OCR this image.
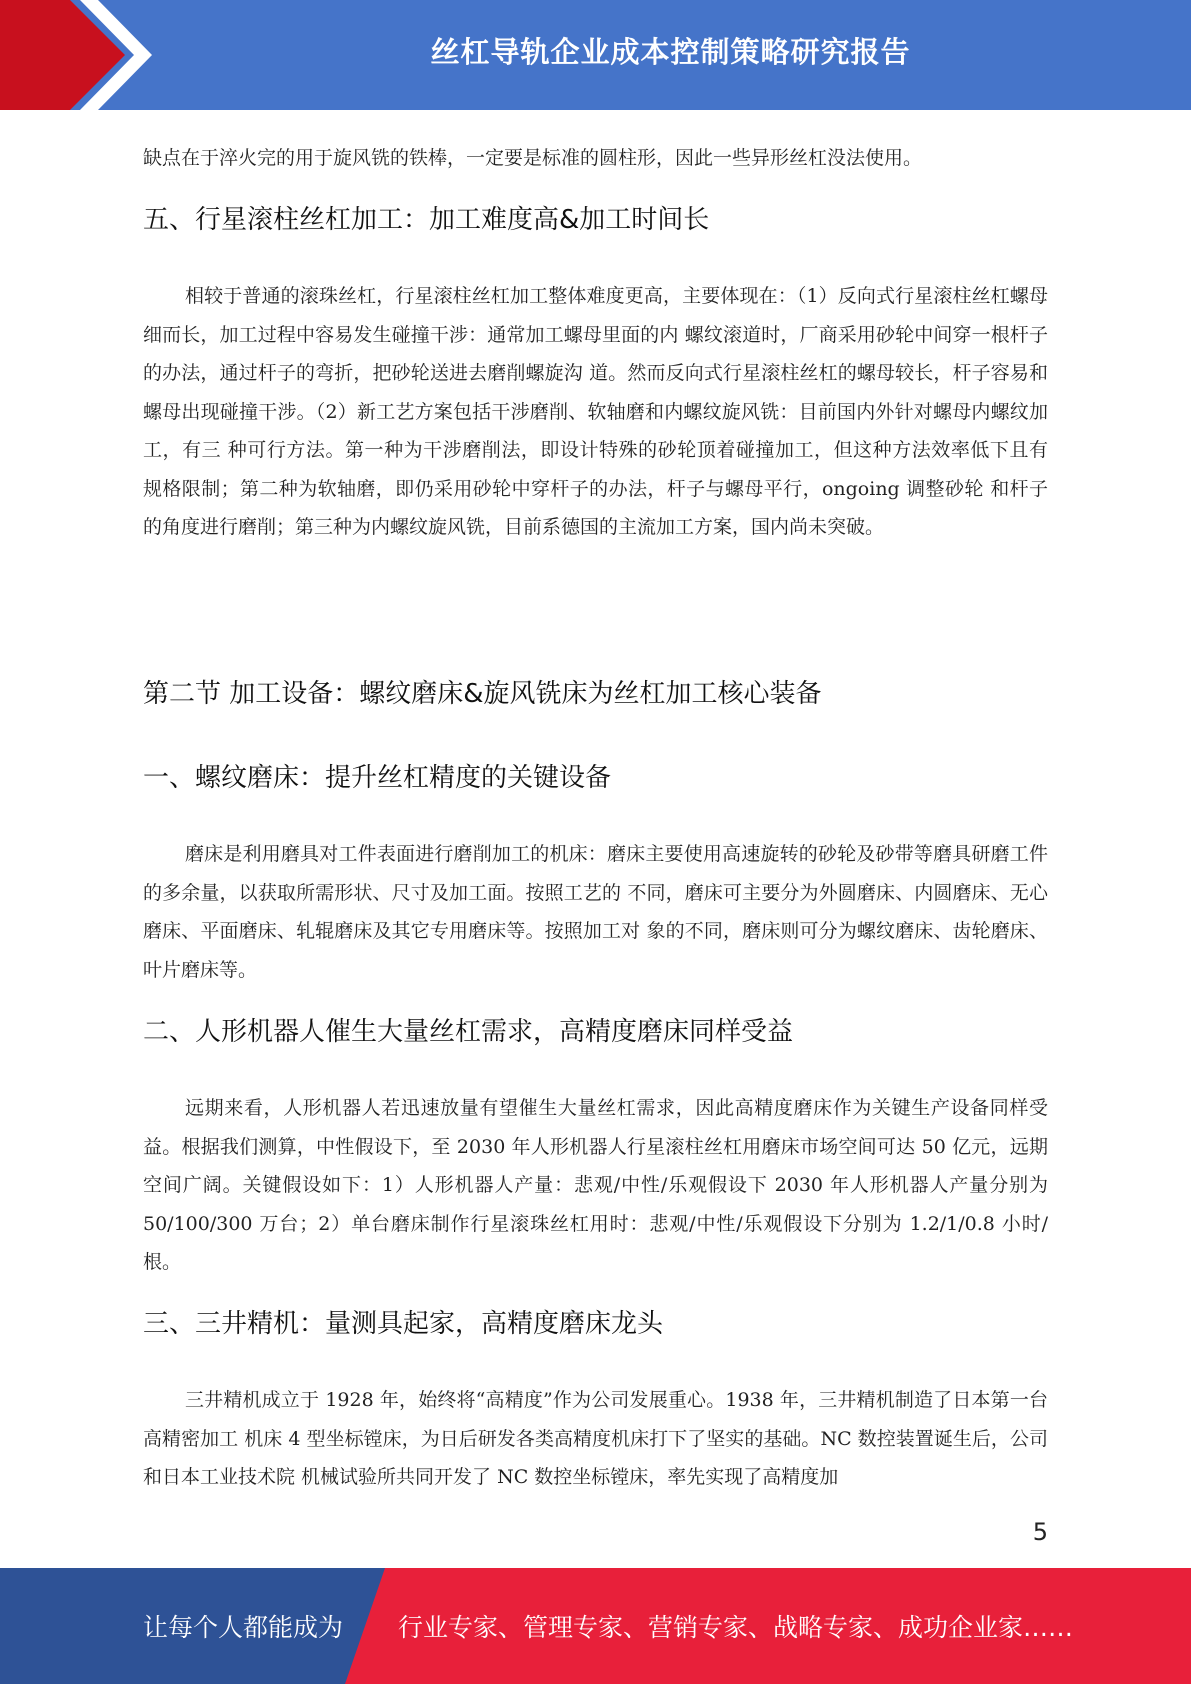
丝杠导轨企业成本控制策略研究报告

缺点在于淬火完的用于旋风铣的铁棒，一定要是标准的圆柱形，因此一些异形丝杠没法使用。

五、行星滚柱丝杠加工：加工难度高&加工时间长

相较于普通的滚珠丝杠，行星滚柱丝杠加工整体难度更高，主要体现在：（1）反向式行星滚柱丝杠螺母细而长，加工过程中容易发生碰撞干涉：通常加工螺母里面的内 螺纹滚道时，厂商采用砂轮中间穿一根杆子的办法，通过杆子的弯折，把砂轮送进去磨削螺旋沟 道。然而反向式行星滚柱丝杠的螺母较长，杆子容易和螺母出现碰撞干涉。（2）新工艺方案包括干涉磨削、软轴磨和内螺纹旋风铣：目前国内外针对螺母内螺纹加工，有三 种可行方法。第一种为干涉磨削法，即设计特殊的砂轮顶着碰撞加工，但这种方法效率低下且有 规格限制；第二种为软轴磨，即仍采用砂轮中穿杆子的办法，杆子与螺母平行，ongoing 调整砂轮 和杆子的角度进行磨削；第三种为内螺纹旋风铣，目前系德国的主流加工方案，国内尚未突破。

第二节 加工设备：螺纹磨床&旋风铣床为丝杠加工核心装备
一、螺纹磨床：提升丝杠精度的关键设备

磨床是利用磨具对工件表面进行磨削加工的机床：磨床主要使用高速旋转的砂轮及砂带等磨具研磨工件的多余量，以获取所需形状、尺寸及加工面。按照工艺的 不同，磨床可主要分为外圆磨床、内圆磨床、无心磨床、平面磨床、轧辊磨床及其它专用磨床等。按照加工对 象的不同，磨床则可分为螺纹磨床、齿轮磨床、叶片磨床等。

二、人形机器人催生大量丝杠需求，高精度磨床同样受益

远期来看，人形机器人若迅速放量有望催生大量丝杠需求，因此高精度磨床作为关键生产设备同样受益。根据我们测算，中性假设下，至 2030 年人形机器人行星滚柱丝杠用磨床市场空间可达 50 亿元，远期空间广阔。关键假设如下：1）人形机器人产量：悲观/中性/乐观假设下 2030 年人形机器人产量分别为 50/100/300 万台；2）单台磨床制作行星滚珠丝杠用时：悲观/中性/乐观假设下分别为 1.2/1/0.8 小时/根。

三、三井精机：量测具起家，高精度磨床龙头

三井精机成立于 1928 年，始终将“高精度”作为公司发展重心。1938 年，三井精机制造了日本第一台高精密加工 机床 4 型坐标镗床，为日后研发各类高精度机床打下了坚实的基础。NC 数控装置诞生后，公司和日本工业技术院 机械试验所共同开发了 NC 数控坐标镗床，率先实现了高精度加

5
让每个人都能成为 行业专家、管理专家、营销专家、战略专家、成功企业家……
